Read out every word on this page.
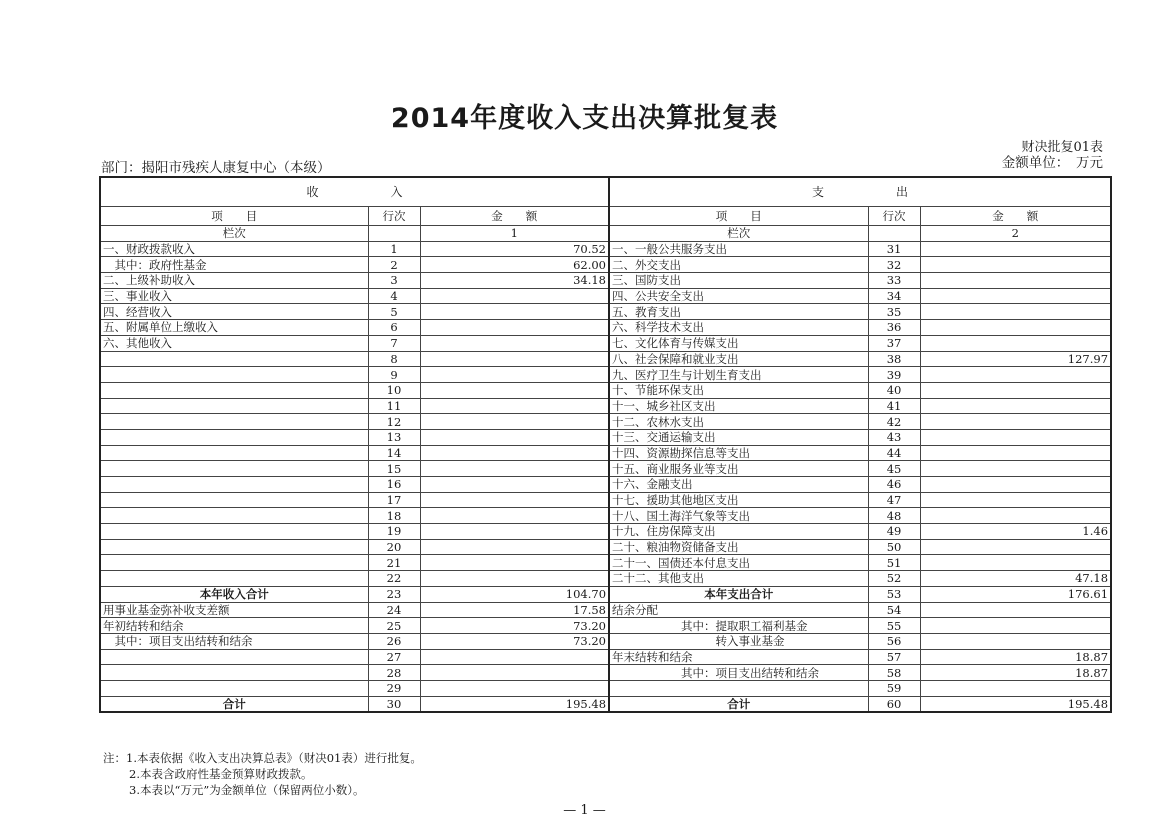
2014年度收入支出决算批复表
财决批复01表
部门：揭阳市残疾人康复中心（本级）	金额单位：　万元
收　　　　　　入			支　　　　　　出		
项　　目	行次	金　　额	项　　目	行次	金　　额
栏次		1	栏次		2
一、财政拨款收入	1	70.52	一、一般公共服务支出	31	
　其中：政府性基金	2	62.00	二、外交支出	32	
二、上级补助收入	3	34.18	三、国防支出	33	
三、事业收入	4		四、公共安全支出	34	
四、经营收入	5		五、教育支出	35	
五、附属单位上缴收入	6		六、科学技术支出	36	
六、其他收入	7		七、文化体育与传媒支出	37	
	8		八、社会保障和就业支出	38	127.97
	9		九、医疗卫生与计划生育支出	39	
	10		十、节能环保支出	40	
	11		十一、城乡社区支出	41	
	12		十二、农林水支出	42	
	13		十三、交通运输支出	43	
	14		十四、资源勘探信息等支出	44	
	15		十五、商业服务业等支出	45	
	16		十六、金融支出	46	
	17		十七、援助其他地区支出	47	
	18		十八、国土海洋气象等支出	48	
	19		十九、住房保障支出	49	1.46
	20		二十、粮油物资储备支出	50	
	21		二十一、国债还本付息支出	51	
	22		二十二、其他支出	52	47.18
本年收入合计	23	104.70	本年支出合计	53	176.61
用事业基金弥补收支差额	24	17.58	结余分配	54	
年初结转和结余	25	73.20	　　　　　　其中：提取职工福利基金	55	
　其中：项目支出结转和结余	26	73.20	　　　　　　　　　转入事业基金	56	
	27		年末结转和结余	57	18.87
	28		　　　　　　其中：项目支出结转和结余	58	18.87
	29			59	
合计	30	195.48	合计	60	195.48
注：1.本表依据《收入支出决算总表》（财决01表）进行批复。
2.本表含政府性基金预算财政拨款。
3.本表以“万元”为金额单位（保留两位小数）。
— 1 —
